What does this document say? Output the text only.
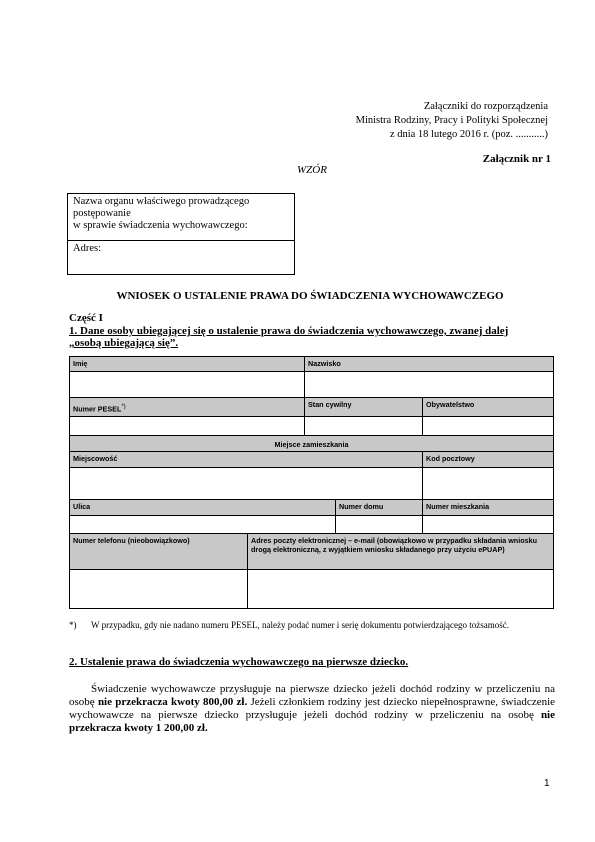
Załączniki do rozporządzenia
Ministra Rodziny, Pracy i Polityki Społecznej
z dnia 18 lutego 2016 r. (poz. ...........)
Załącznik nr 1
WZÓR
Nazwa organu właściwego prowadzącego
postępowanie
w sprawie świadczenia wychowawczego:
Adres:
WNIOSEK O USTALENIE PRAWA DO ŚWIADCZENIA WYCHOWAWCZEGO
Część I
1. Dane osoby ubiegającej się o ustalenie prawa do świadczenia wychowawczego, zwanej dalej
„osobą ubiegającą się”.
Imię	Nazwisko
Numer PESEL*)	Stan cywilny	Obywatelstwo
Miejsce zamieszkania
Miejscowość	Kod pocztowy
Ulica	Numer domu	Numer mieszkania
Numer telefonu (nieobowiązkowo)	Adres poczty elektronicznej – e-mail (obowiązkowo w przypadku składania wniosku drogą elektroniczną, z wyjątkiem wniosku składanego przy użyciu ePUAP)
*) W przypadku, gdy nie nadano numeru PESEL, należy podać numer i serię dokumentu potwierdzającego tożsamość.
2. Ustalenie prawa do świadczenia wychowawczego na pierwsze dziecko.
Świadczenie wychowawcze przysługuje na pierwsze dziecko jeżeli dochód rodziny w przeliczeniu na osobę nie przekracza kwoty 800,00 zł. Jeżeli członkiem rodziny jest dziecko niepełnosprawne, świadczenie wychowawcze na pierwsze dziecko przysługuje jeżeli dochód rodziny w przeliczeniu na osobę nie przekracza kwoty 1 200,00 zł.
1
